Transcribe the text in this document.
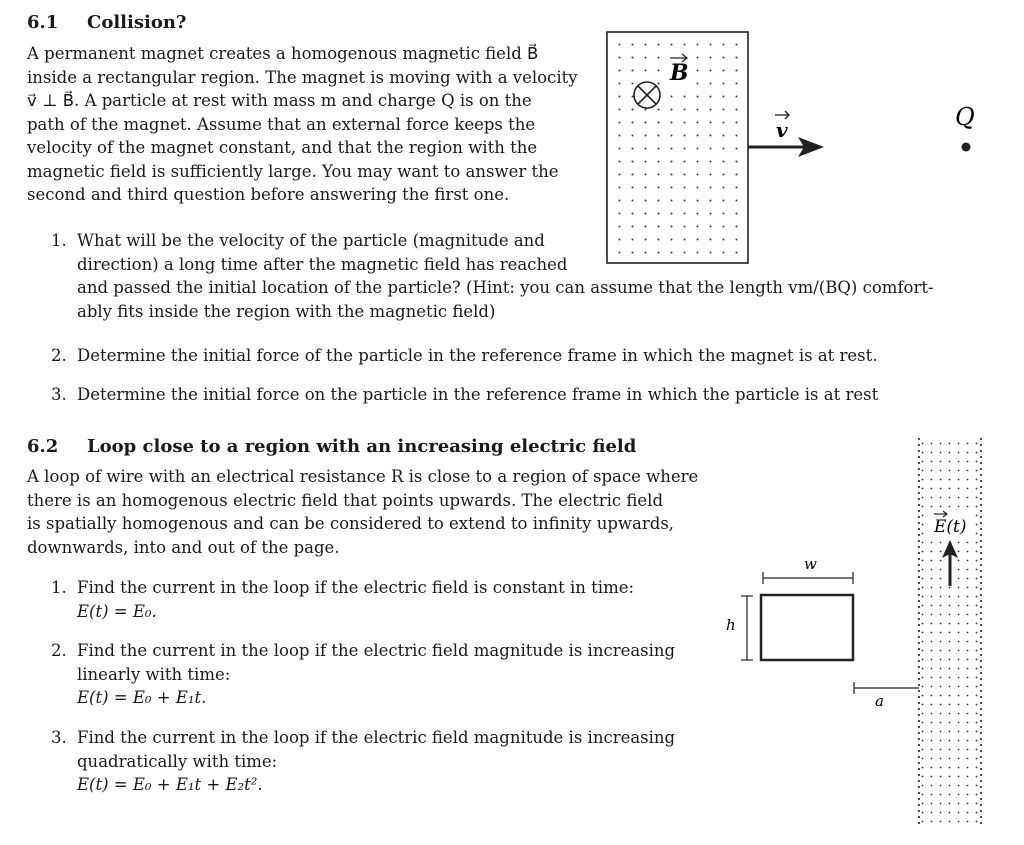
6.1 Collision?

A permanent magnet creates a homogenous magnetic field B⃗

inside a rectangular region. The magnet is moving with a velocity

v⃗ ⊥ B⃗. A particle at rest with mass m and charge Q is on the

path of the magnet. Assume that an external force keeps the

velocity of the magnet constant, and that the region with the

magnetic field is sufficiently large. You may want to answer the

second and third question before answering the first one.

1. What will be the velocity of the particle (magnitude and
direction) a long time after the magnetic field has reached
and passed the initial location of the particle? (Hint: you can assume that the length vm/(BQ) comfort-
ably fits inside the region with the magnetic field)
2. Determine the initial force of the particle in the reference frame in which the magnet is at rest.
3. Determine the initial force on the particle in the reference frame in which the particle is at rest
B
v	Q
6.2 Loop close to a region with an increasing electric field

A loop of wire with an electrical resistance R is close to a region of space where

there is an homogenous electric field that points upwards. The electric field

is spatially homogenous and can be considered to extend to infinity upwards,

downwards, into and out of the page.

1. Find the current in the loop if the electric field is constant in time:
E(t) = E₀.
2. Find the current in the loop if the electric field magnitude is increasing
linearly with time:
E(t) = E₀ + E₁t.
3. Find the current in the loop if the electric field magnitude is increasing
quadratically with time:
E(t) = E₀ + E₁t + E₂t².
E(t)
w
h
a
